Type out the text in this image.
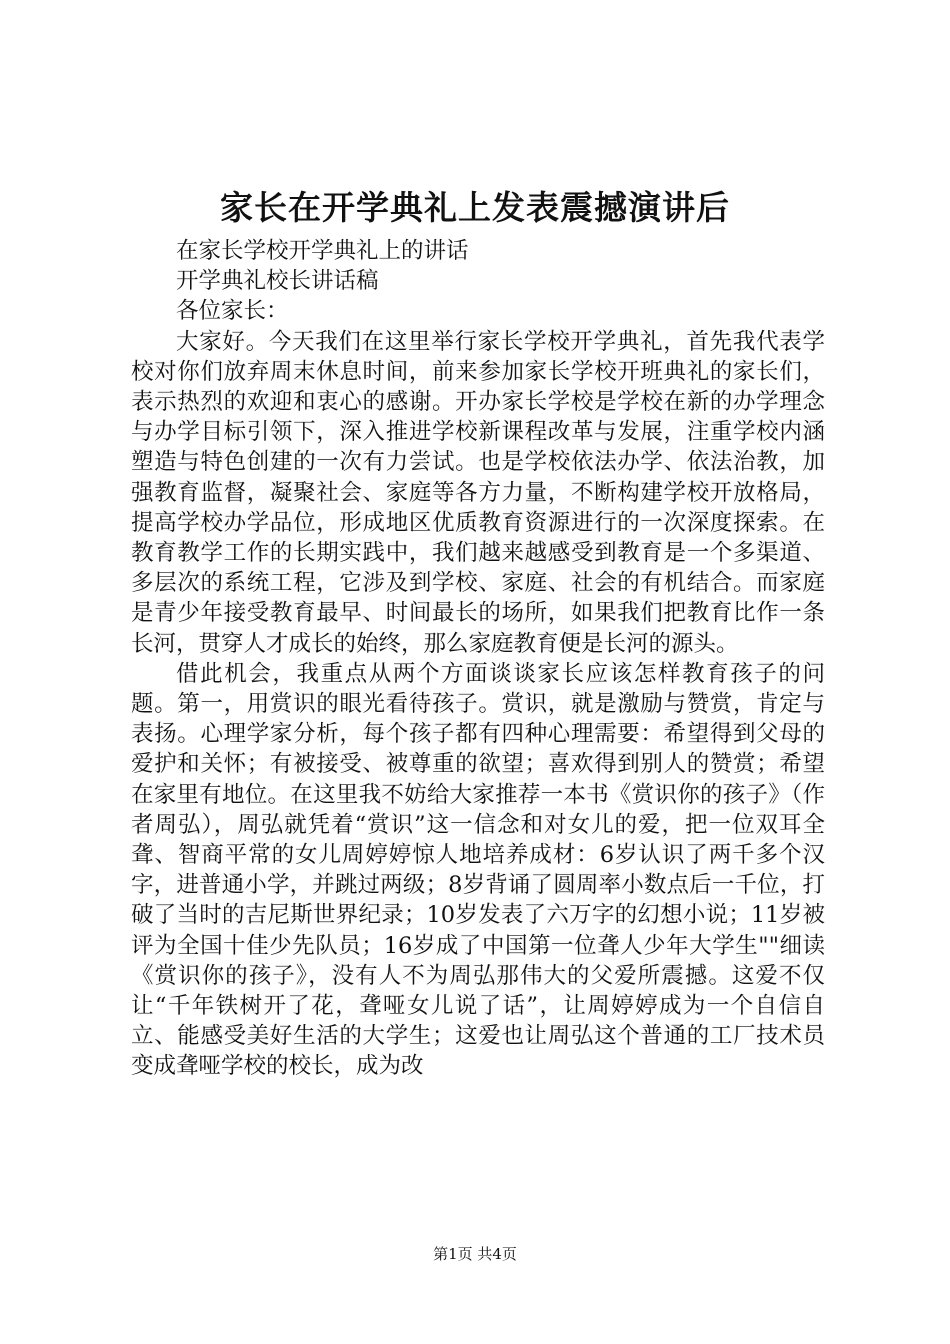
家长在开学典礼上发表震撼演讲后

在家长学校开学典礼上的讲话

开学典礼校长讲话稿

各位家长：

大家好。今天我们在这里举行家长学校开学典礼，首先我代表学校对你们放弃周末休息时间，前来参加家长学校开班典礼的家长们，表示热烈的欢迎和衷心的感谢。开办家长学校是学校在新的办学理念与办学目标引领下，深入推进学校新课程改革与发展，注重学校内涵塑造与特色创建的一次有力尝试。也是学校依法办学、依法治教，加强教育监督，凝聚社会、家庭等各方力量，不断构建学校开放格局，提高学校办学品位，形成地区优质教育资源进行的一次深度探索。在教育教学工作的长期实践中，我们越来越感受到教育是一个多渠道、多层次的系统工程，它涉及到学校、家庭、社会的有机结合。而家庭是青少年接受教育最早、时间最长的场所，如果我们把教育比作一条长河，贯穿人才成长的始终，那么家庭教育便是长河的源头。

借此机会，我重点从两个方面谈谈家长应该怎样教育孩子的问题。第一，用赏识的眼光看待孩子。赏识，就是激励与赞赏，肯定与表扬。心理学家分析，每个孩子都有四种心理需要：希望得到父母的爱护和关怀；有被接受、被尊重的欲望；喜欢得到别人的赞赏；希望在家里有地位。在这里我不妨给大家推荐一本书《赏识你的孩子》（作者周弘），周弘就凭着“赏识”这一信念和对女儿的爱，把一位双耳全聋、智商平常的女儿周婷婷惊人地培养成材：6岁认识了两千多个汉字，进普通小学，并跳过两级；8岁背诵了圆周率小数点后一千位，打破了当时的吉尼斯世界纪录；10岁发表了六万字的幻想小说；11岁被评为全国十佳少先队员；16岁成了中国第一位聋人少年大学生""细读《赏识你的孩子》，没有人不为周弘那伟大的父爱所震撼。这爱不仅让“千年铁树开了花，聋哑女儿说了话”，让周婷婷成为一个自信自立、能感受美好生活的大学生；这爱也让周弘这个普通的工厂技术员变成聋哑学校的校长，成为改

第1页 共4页
